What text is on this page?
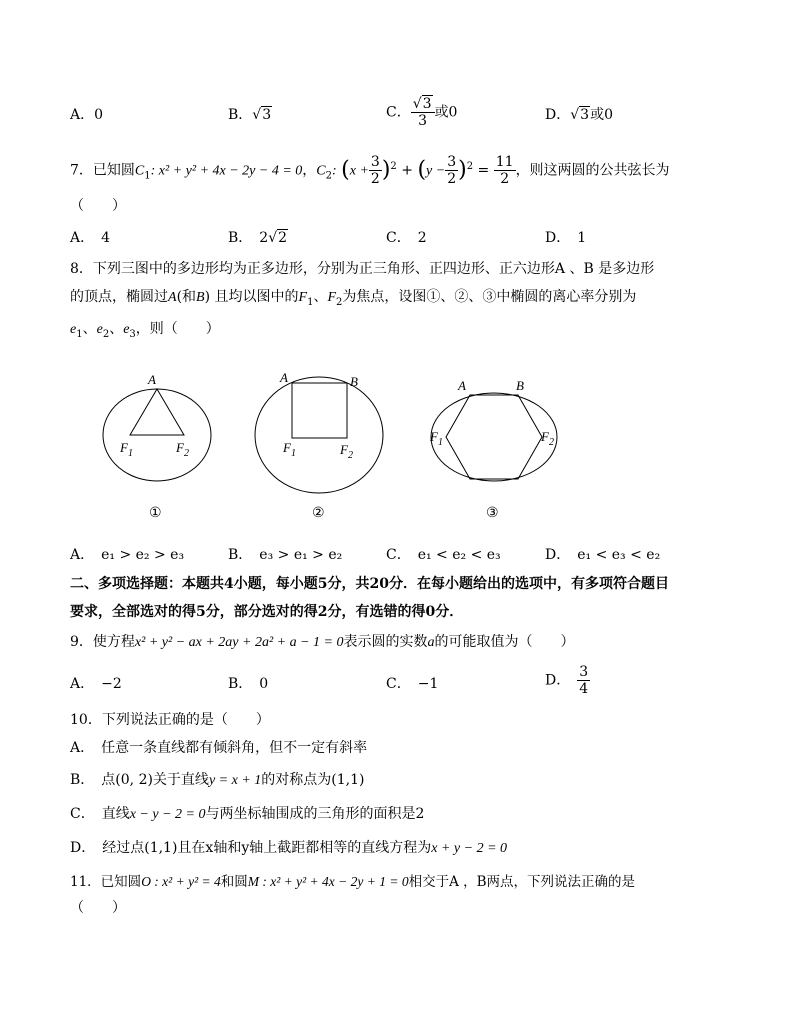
A．0	B．√3	C． $\frac{√3}{3}$ 或0	D．√3或0
7．已知圆$C_1$: x² + y² + 4x − 2y − 4 = 0，$C_2$: $(x + \frac{3}{2} )^2 + (y - \frac{3}{2} )^2 = \frac{11}{2}$ ，则这两圆的公共弦长为
（　　）
A．　4	B．　 2√2	C．　2	D．　1
8．下列三图中的多边形均为正多边形，分别为正三角形、正四边形、正六边形A 、B 是多边形
的顶点，椭圆过A(和B) 且均以图中的$F_1$、$F_2$为焦点，设图①、②、③中椭圆的离心率分别为
$e_1$、$e_2$、$e_3$，则（　　）
A
$F_1$	$F_2$
①
A	B
$F_1$	$F_2$
②
A	B
$F_1$	$F_2$
③
A．　e₁ > e₂ > e₃	B．　e₃ > e₁ > e₂	C．　e₁ < e₂ < e₃	D．　e₁ < e₃ < e₂
二、多项选择题：本题共4小题，每小题5分，共20分．在每小题给出的选项中，有多项符合题目
要求，全部选对的得5分，部分选对的得2分，有选错的得0分．
9．使方程x² + y² − ax + 2ay + 2a² + a − 1 = 0表示圆的实数a的可能取值为（　　）
A．　−2	B．　0	C．　−1	D．　 $\frac{3}{4}$
10．下列说法正确的是（　　）
A．　任意一条直线都有倾斜角，但不一定有斜率
B．　点(0, 2)关于直线y = x + 1的对称点为(1,1)
C．　直线x − y − 2 = 0与两坐标轴围成的三角形的面积是2
D．　经过点(1,1)且在x轴和y轴上截距都相等的直线方程为x + y − 2 = 0
11．已知圆O : x² + y² = 4和圆M : x² + y² + 4x − 2y + 1 = 0相交于A ，B两点，下列说法正确的是
（　　）
